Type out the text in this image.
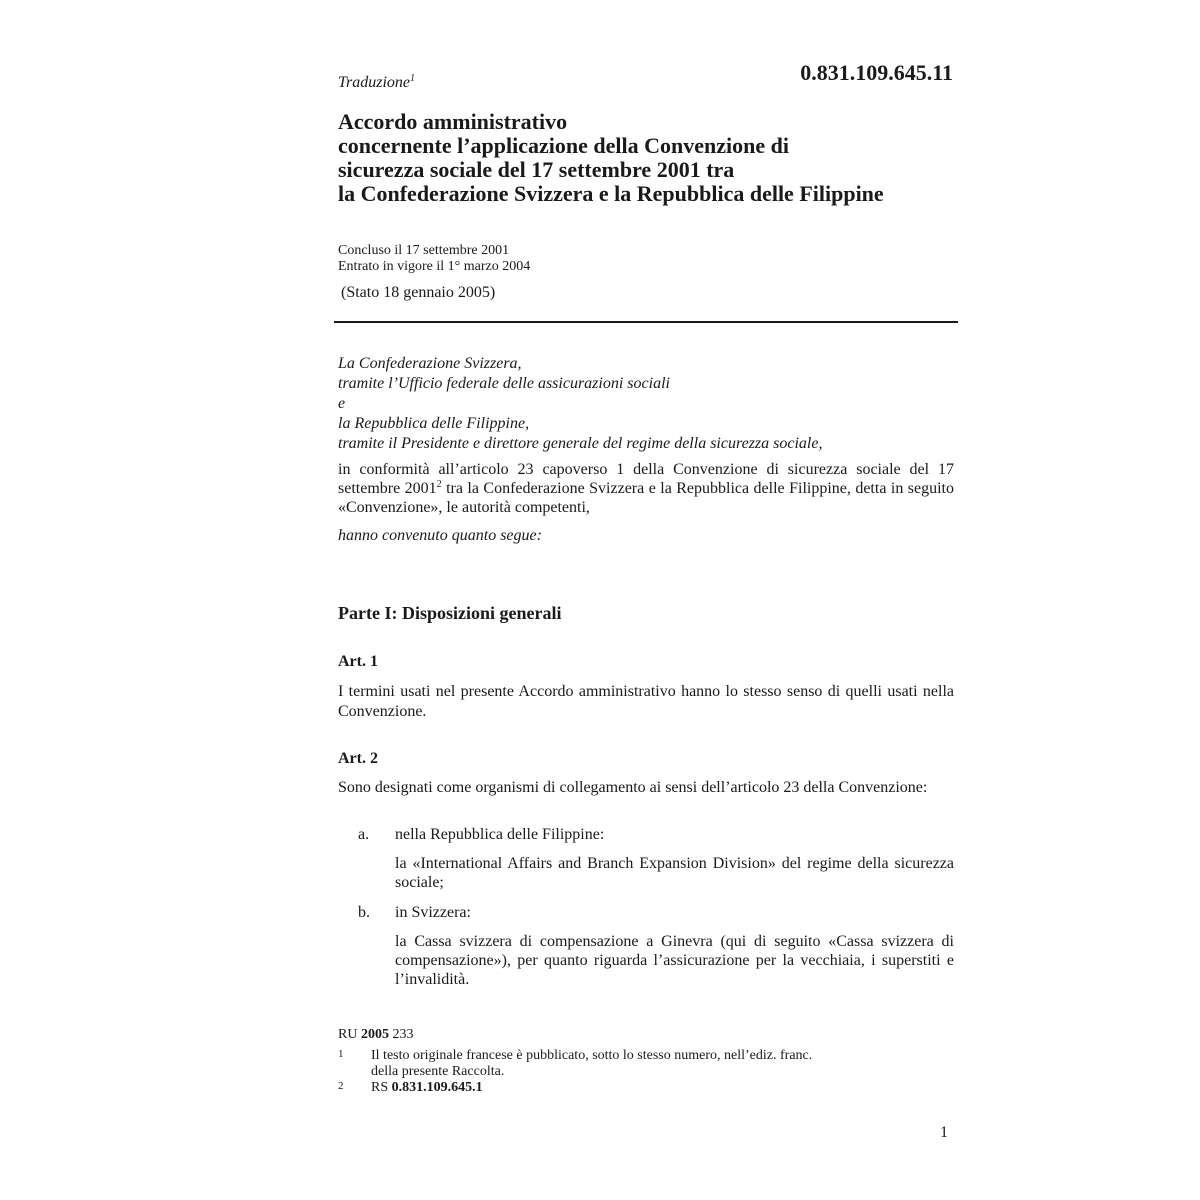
Traduzione$^1$	0.831.109.645.11
Accordo amministrativo
concernente l’applicazione della Convenzione di
sicurezza sociale del 17 settembre 2001 tra
la Confederazione Svizzera e la Repubblica delle Filippine
Concluso il 17 settembre 2001
Entrato in vigore il 1° marzo 2004
(Stato 18 gennaio 2005)
La Confederazione Svizzera,
tramite l’Ufficio federale delle assicurazioni sociali
e
la Repubblica delle Filippine,
tramite il Presidente e direttore generale del regime della sicurezza sociale,
in conformità all’articolo 23 capoverso 1 della Convenzione di sicurezza sociale del 17 settembre 2001$^2$ tra la Confederazione Svizzera e la Repubblica delle Filippine, detta in seguito «Convenzione», le autorità competenti,
hanno convenuto quanto segue:
Parte I: Disposizioni generali
Art. 1
I termini usati nel presente Accordo amministrativo hanno lo stesso senso di quelli usati nella Convenzione.
Art. 2
Sono designati come organismi di collegamento ai sensi dell’articolo 23 della Convenzione:
a. nella Repubblica delle Filippine:
la «International Affairs and Branch Expansion Division» del regime della sicurezza sociale;
b. in Svizzera:
la Cassa svizzera di compensazione a Ginevra (qui di seguito «Cassa svizzera di compensazione»), per quanto riguarda l’assicurazione per la vecchiaia, i superstiti e l’invalidità.
RU 2005 233
1 Il testo originale francese è pubblicato, sotto lo stesso numero, nell’ediz. franc.
della presente Raccolta.
2 RS 0.831.109.645.1
1
